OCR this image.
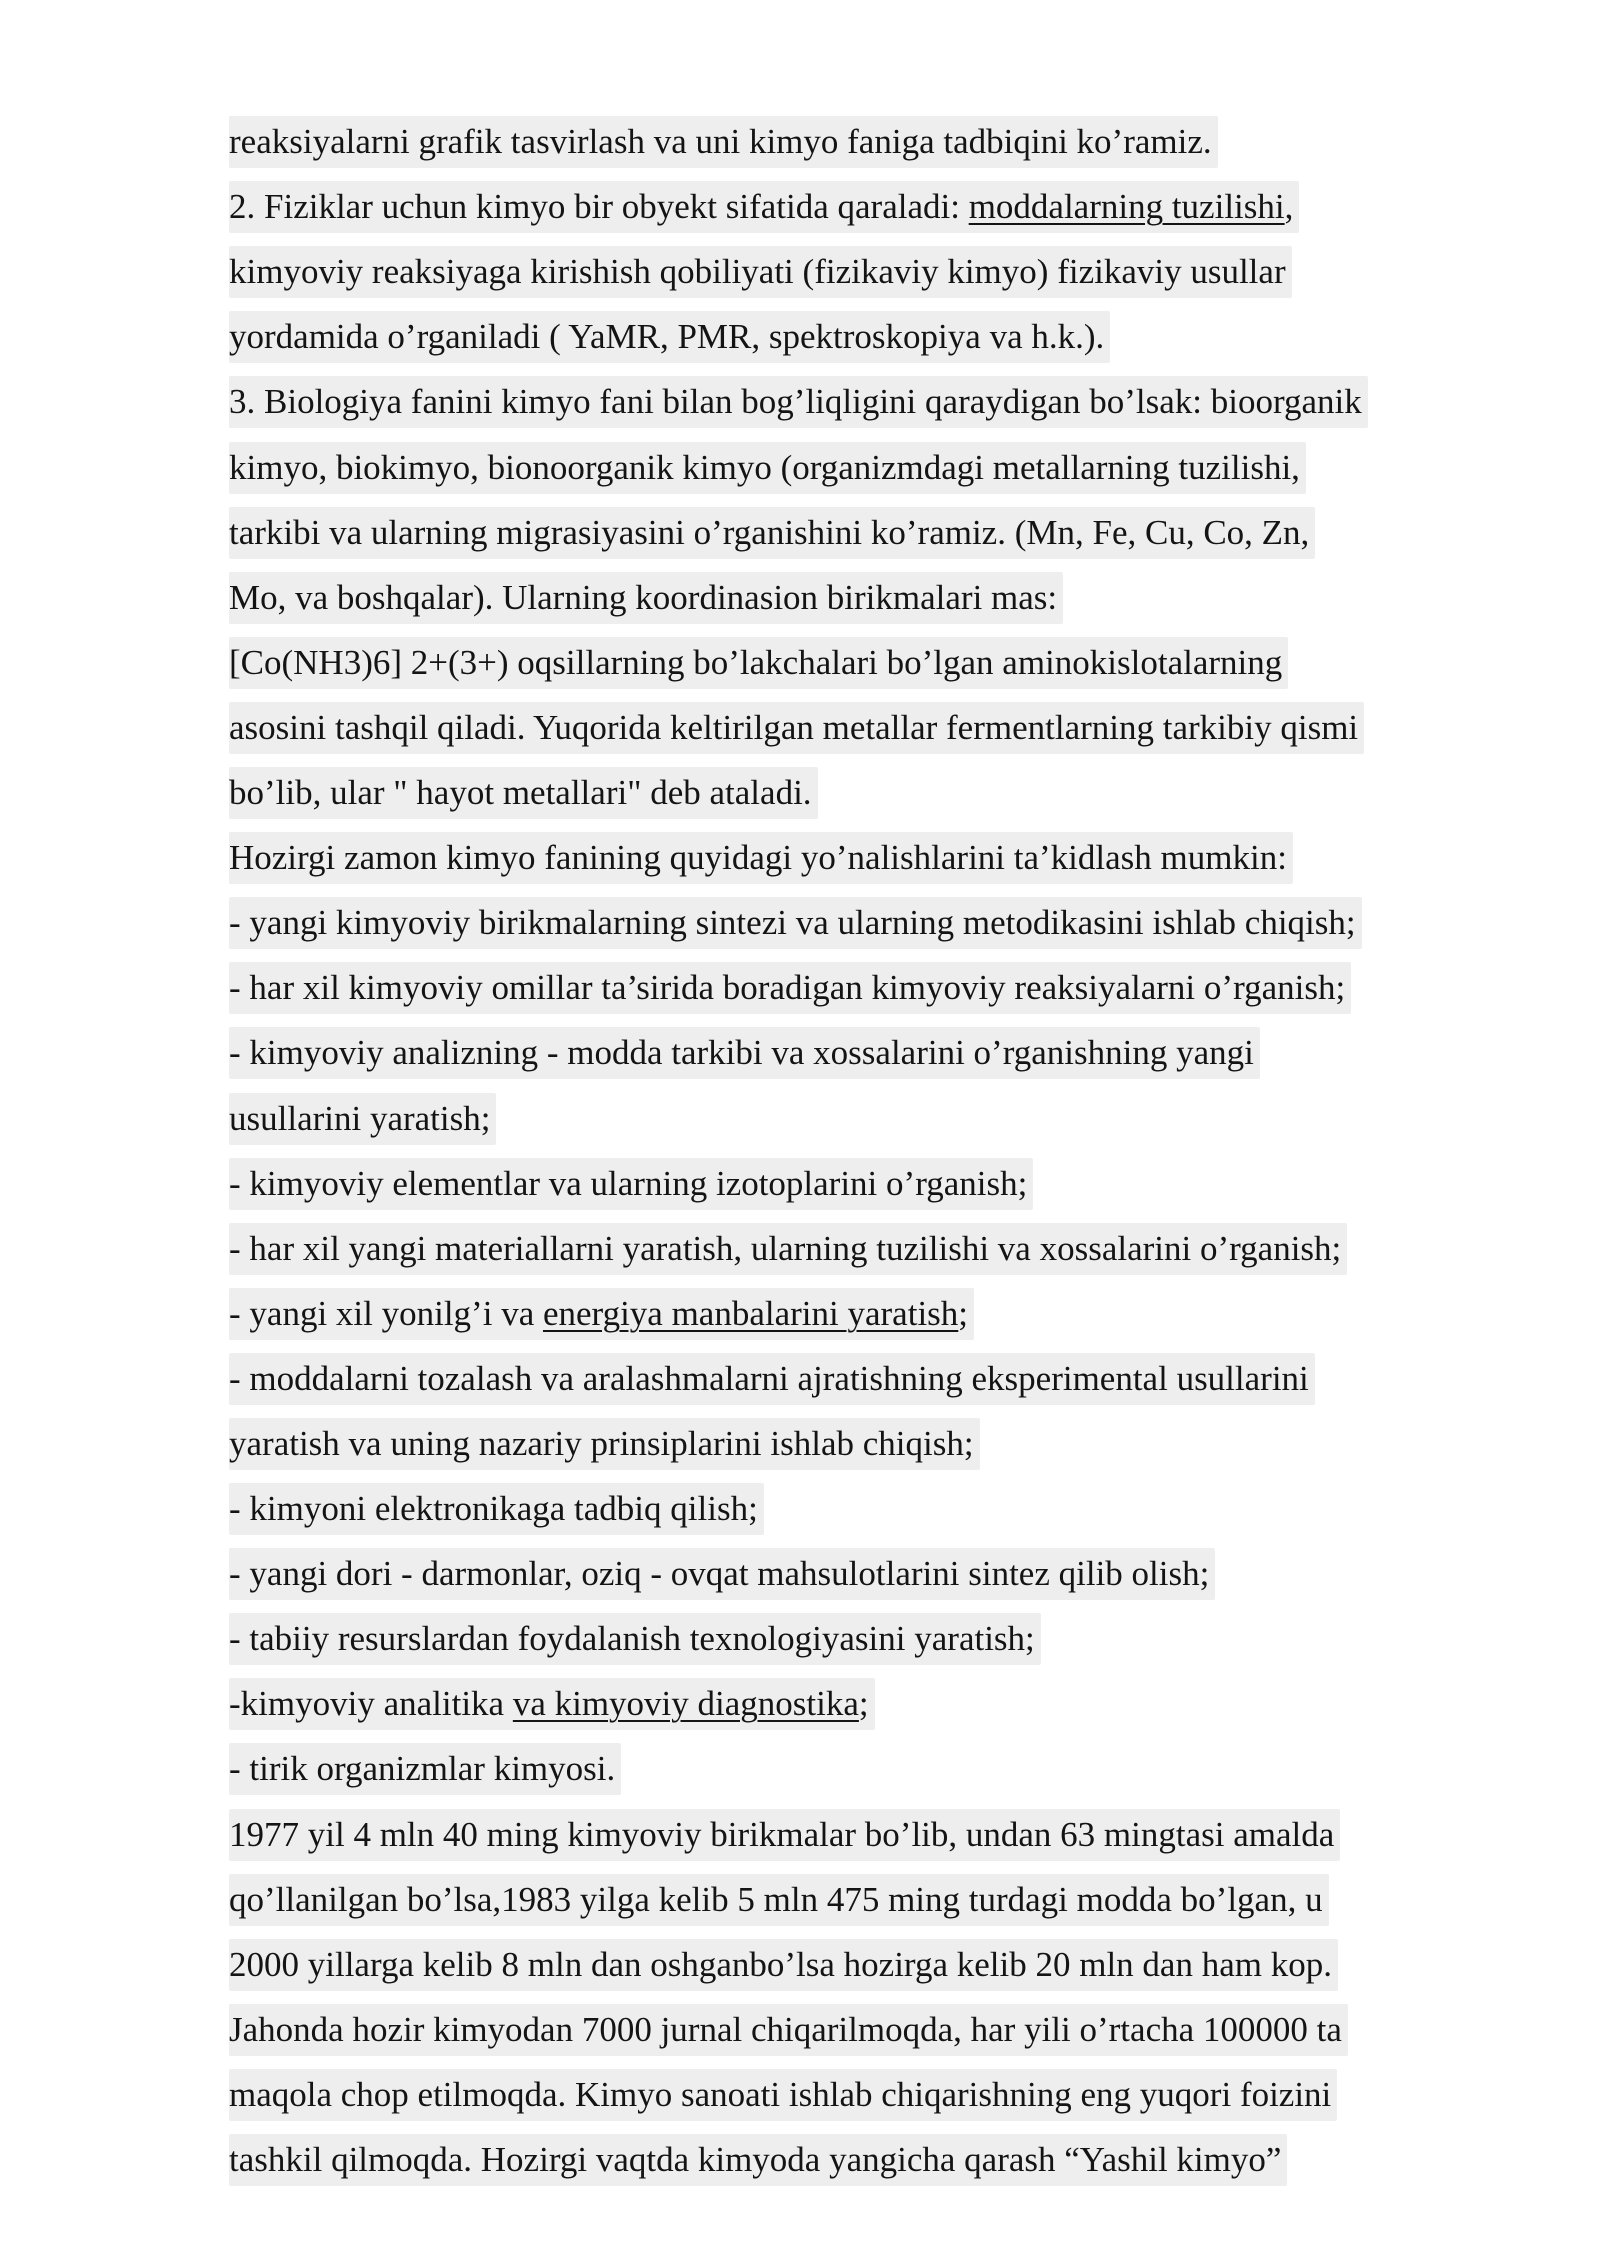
reaksiyalarni grafik tasvirlash va uni kimyo faniga tadbiqini ko’ramiz.
2. Fiziklar uchun kimyo bir obyekt sifatida qaraladi: moddalarning tuzilishi,
kimyoviy reaksiyaga kirishish qobiliyati (fizikaviy kimyo) fizikaviy usullar
yordamida o’rganiladi ( YaMR, PMR, spektroskopiya va h.k.).
3. Biologiya fanini kimyo fani bilan bog’liqligini qaraydigan bo’lsak: bioorganik
kimyo, biokimyo, bionoorganik kimyo (organizmdagi metallarning tuzilishi,
tarkibi va ularning migrasiyasini o’rganishini ko’ramiz. (Mn, Fe, Cu, Co, Zn,
Mo, va boshqalar). Ularning koordinasion birikmalari mas:
[Co(NH3)6] 2+(3+) oqsillarning bo’lakchalari bo’lgan aminokislotalarning
asosini tashqil qiladi. Yuqorida keltirilgan metallar fermentlarning tarkibiy qismi
bo’lib, ular " hayot metallari" deb ataladi.
Hozirgi zamon kimyo fanining quyidagi yo’nalishlarini ta’kidlash mumkin:
- yangi kimyoviy birikmalarning sintezi va ularning metodikasini ishlab chiqish;
- har xil kimyoviy omillar ta’sirida boradigan kimyoviy reaksiyalarni o’rganish;
- kimyoviy analizning - modda tarkibi va xossalarini o’rganishning yangi
usullarini yaratish;
- kimyoviy elementlar va ularning izotoplarini o’rganish;
- har xil yangi materiallarni yaratish, ularning tuzilishi va xossalarini o’rganish;
- yangi xil yonilg’i va energiya manbalarini yaratish;
- moddalarni tozalash va aralashmalarni ajratishning eksperimental usullarini
yaratish va uning nazariy prinsiplarini ishlab chiqish;
- kimyoni elektronikaga tadbiq qilish;
- yangi dori - darmonlar, oziq - ovqat mahsulotlarini sintez qilib olish;
- tabiiy resurslardan foydalanish texnologiyasini yaratish;
-kimyoviy analitika va kimyoviy diagnostika;
- tirik organizmlar kimyosi.
1977 yil 4 mln 40 ming kimyoviy birikmalar bo’lib, undan 63 mingtasi amalda
qo’llanilgan bo’lsa,1983 yilga kelib 5 mln 475 ming turdagi modda bo’lgan, u
2000 yillarga kelib 8 mln dan oshganbo’lsa hozirga kelib 20 mln dan ham kop.
Jahonda hozir kimyodan 7000 jurnal chiqarilmoqda, har yili o’rtacha 100000 ta
maqola chop etilmoqda. Kimyo sanoati ishlab chiqarishning eng yuqori foizini
tashkil qilmoqda. Hozirgi vaqtda kimyoda yangicha qarash “Yashil kimyo”
